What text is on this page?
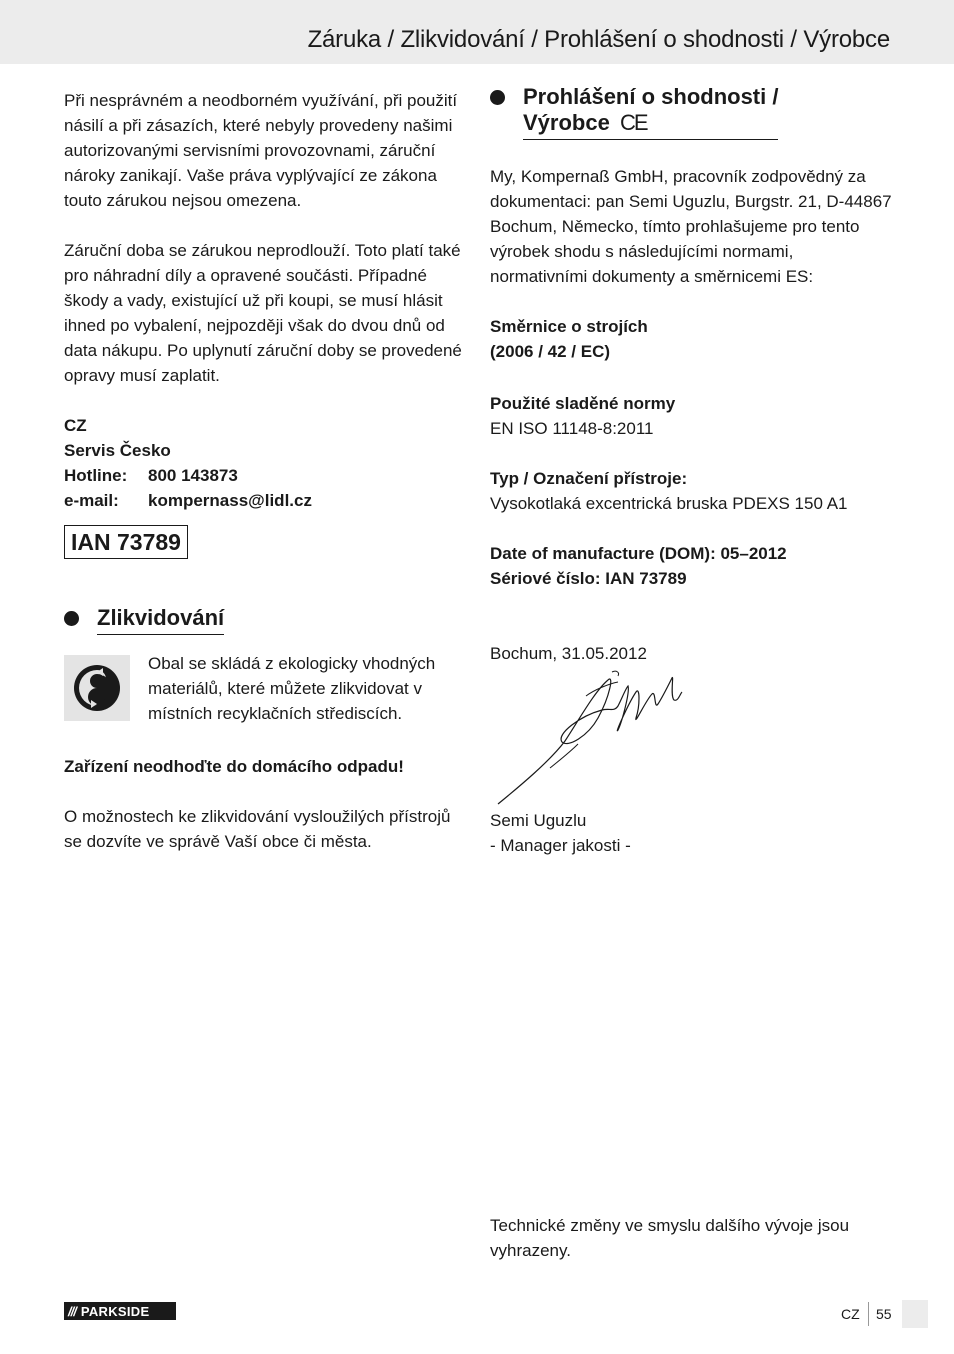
Záruka / Zlikvidování / Prohlášení o shodnosti / Výrobce

Při nesprávném a neodborném využívání, při použití násilí a při zásazích, které nebyly provedeny našimi autorizovanými servisními provozovnami, záruční nároky zanikají. Vaše práva vyplývající ze zákona touto zárukou nejsou omezena.

Záruční doba se zárukou neprodlouží. Toto platí také pro náhradní díly a opravené součásti. Případné škody a vady, existující už při koupi, se musí hlásit ihned po vybalení, nejpozději však do dvou dnů od data nákupu. Po uplynutí záruční doby se provedené opravy musí zaplatit.

CZ
Servis Česko
Hotline:	800 143873
e-mail:	kompernass@lidl.cz
IAN 73789
Zlikvidování

Obal se skládá z ekologicky vhodných materiálů, které můžete zlikvidovat v místních recyklačních středisc​ích.

Zařízení neodhoďte do domácího odpadu!

O možnostech ke zlikvidování vysloužilých přístrojů se dozvíte ve správě Vaší obce či města.

Prohlášení o shodnosti /
Výrobce CE

My, Kompernaß GmbH, pracovník zodpovědný za dokumentaci: pan Semi Uguzlu, Burgstr. 21, D-44867 Bochum, Německo, tímto prohlašujeme pro tento výrobek shodu s následujícími normami, normativními dokumenty a směrnicemi ES:

Směrnice o strojích

(2006 / 42 / EC)

Použité sladěné normy

EN ISO 11148-8:2011

Typ / Označení přístroje:

Vysokotlaká excentrická bruska PDEXS 150 A1

Date of manufacture (DOM): 05–2012

Sériové číslo: IAN 73789

Bochum, 31.05.2012

Semi Uguzlu

- Manager jakosti -

Technické změny ve smyslu dalšího vývoje jsou vyhrazeny.

/// PARKSIDE	CZ 55
